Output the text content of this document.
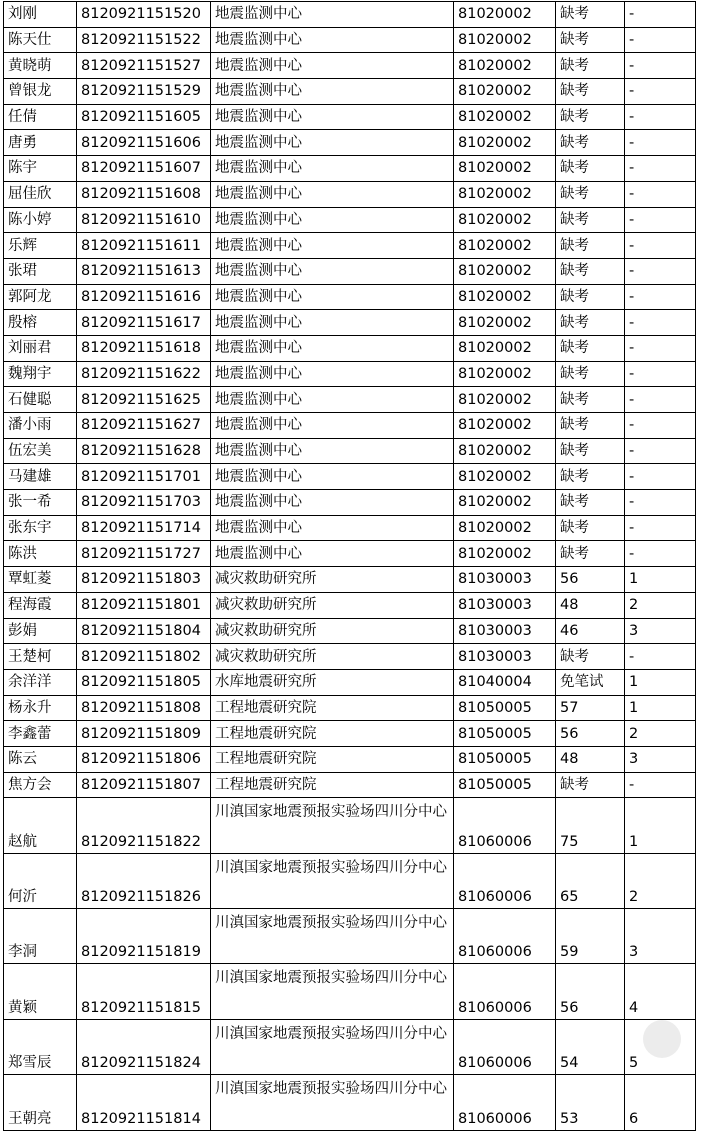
刘刚	8120921151520	地震监测中心	81020002	缺考	-
陈天仕	8120921151522	地震监测中心	81020002	缺考	-
黄晓萌	8120921151527	地震监测中心	81020002	缺考	-
曾银龙	8120921151529	地震监测中心	81020002	缺考	-
任倩	8120921151605	地震监测中心	81020002	缺考	-
唐勇	8120921151606	地震监测中心	81020002	缺考	-
陈宇	8120921151607	地震监测中心	81020002	缺考	-
屈佳欣	8120921151608	地震监测中心	81020002	缺考	-
陈小婷	8120921151610	地震监测中心	81020002	缺考	-
乐辉	8120921151611	地震监测中心	81020002	缺考	-
张珺	8120921151613	地震监测中心	81020002	缺考	-
郭阿龙	8120921151616	地震监测中心	81020002	缺考	-
殷榕	8120921151617	地震监测中心	81020002	缺考	-
刘丽君	8120921151618	地震监测中心	81020002	缺考	-
魏翔宇	8120921151622	地震监测中心	81020002	缺考	-
石健聪	8120921151625	地震监测中心	81020002	缺考	-
潘小雨	8120921151627	地震监测中心	81020002	缺考	-
伍宏美	8120921151628	地震监测中心	81020002	缺考	-
马建雄	8120921151701	地震监测中心	81020002	缺考	-
张一希	8120921151703	地震监测中心	81020002	缺考	-
张东宇	8120921151714	地震监测中心	81020002	缺考	-
陈洪	8120921151727	地震监测中心	81020002	缺考	-
覃虹菱	8120921151803	减灾救助研究所	81030003	56	1
程海霞	8120921151801	减灾救助研究所	81030003	48	2
彭娟	8120921151804	减灾救助研究所	81030003	46	3
王楚柯	8120921151802	减灾救助研究所	81030003	缺考	-
余洋洋	8120921151805	水库地震研究所	81040004	免笔试	1
杨永升	8120921151808	工程地震研究院	81050005	57	1
李鑫蕾	8120921151809	工程地震研究院	81050005	56	2
陈云	8120921151806	工程地震研究院	81050005	48	3
焦方会	8120921151807	工程地震研究院	81050005	缺考	-
赵航	8120921151822	川滇国家地震预报实验场四川分中心	81060006	75	1
何沂	8120921151826	川滇国家地震预报实验场四川分中心	81060006	65	2
李洞	8120921151819	川滇国家地震预报实验场四川分中心	81060006	59	3
黄颖	8120921151815	川滇国家地震预报实验场四川分中心	81060006	56	4
郑雪辰	8120921151824	川滇国家地震预报实验场四川分中心	81060006	54	5
王朝亮	8120921151814	川滇国家地震预报实验场四川分中心	81060006	53	6
